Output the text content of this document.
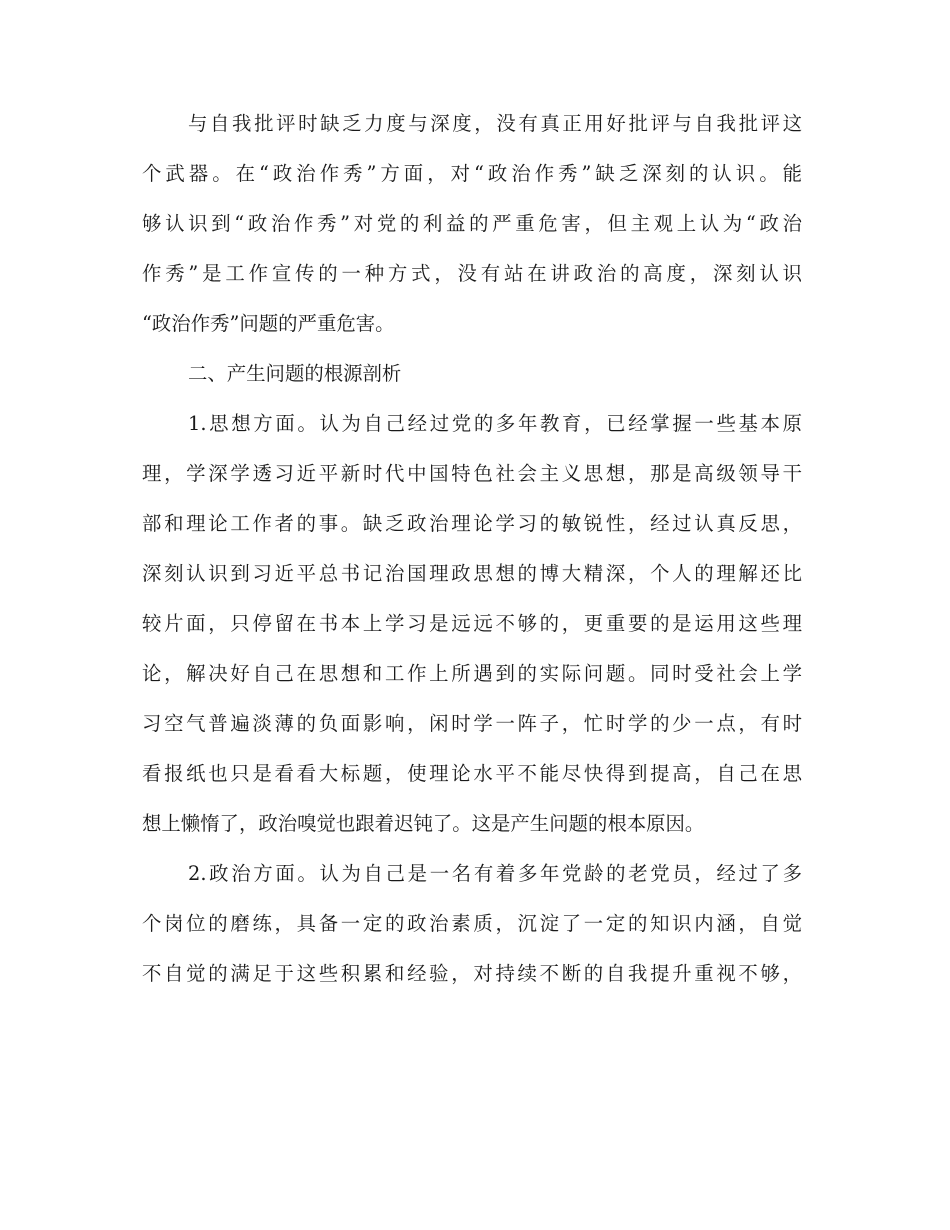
与自我批评时缺乏力度与深度，没有真正用好批评与自我批评这
个武器。在“政治作秀”方面，对“政治作秀”缺乏深刻的认识。能
够认识到“政治作秀”对党的利益的严重危害，但主观上认为“政治
作秀”是工作宣传的一种方式，没有站在讲政治的高度，深刻认识
“政治作秀”问题的严重危害。
二、产生问题的根源剖析
1.思想方面。认为自己经过党的多年教育，已经掌握一些基本原
理，学深学透习近平新时代中国特色社会主义思想，那是高级领导干
部和理论工作者的事。缺乏政治理论学习的敏锐性，经过认真反思，
深刻认识到习近平总书记治国理政思想的博大精深，个人的理解还比
较片面，只停留在书本上学习是远远不够的，更重要的是运用这些理
论，解决好自己在思想和工作上所遇到的实际问题。同时受社会上学
习空气普遍淡薄的负面影响，闲时学一阵子，忙时学的少一点，有时
看报纸也只是看看大标题，使理论水平不能尽快得到提高，自己在思
想上懒惰了，政治嗅觉也跟着迟钝了。这是产生问题的根本原因。
2.政治方面。认为自己是一名有着多年党龄的老党员，经过了多
个岗位的磨练，具备一定的政治素质，沉淀了一定的知识内涵，自觉
不自觉的满足于这些积累和经验，对持续不断的自我提升重视不够，
